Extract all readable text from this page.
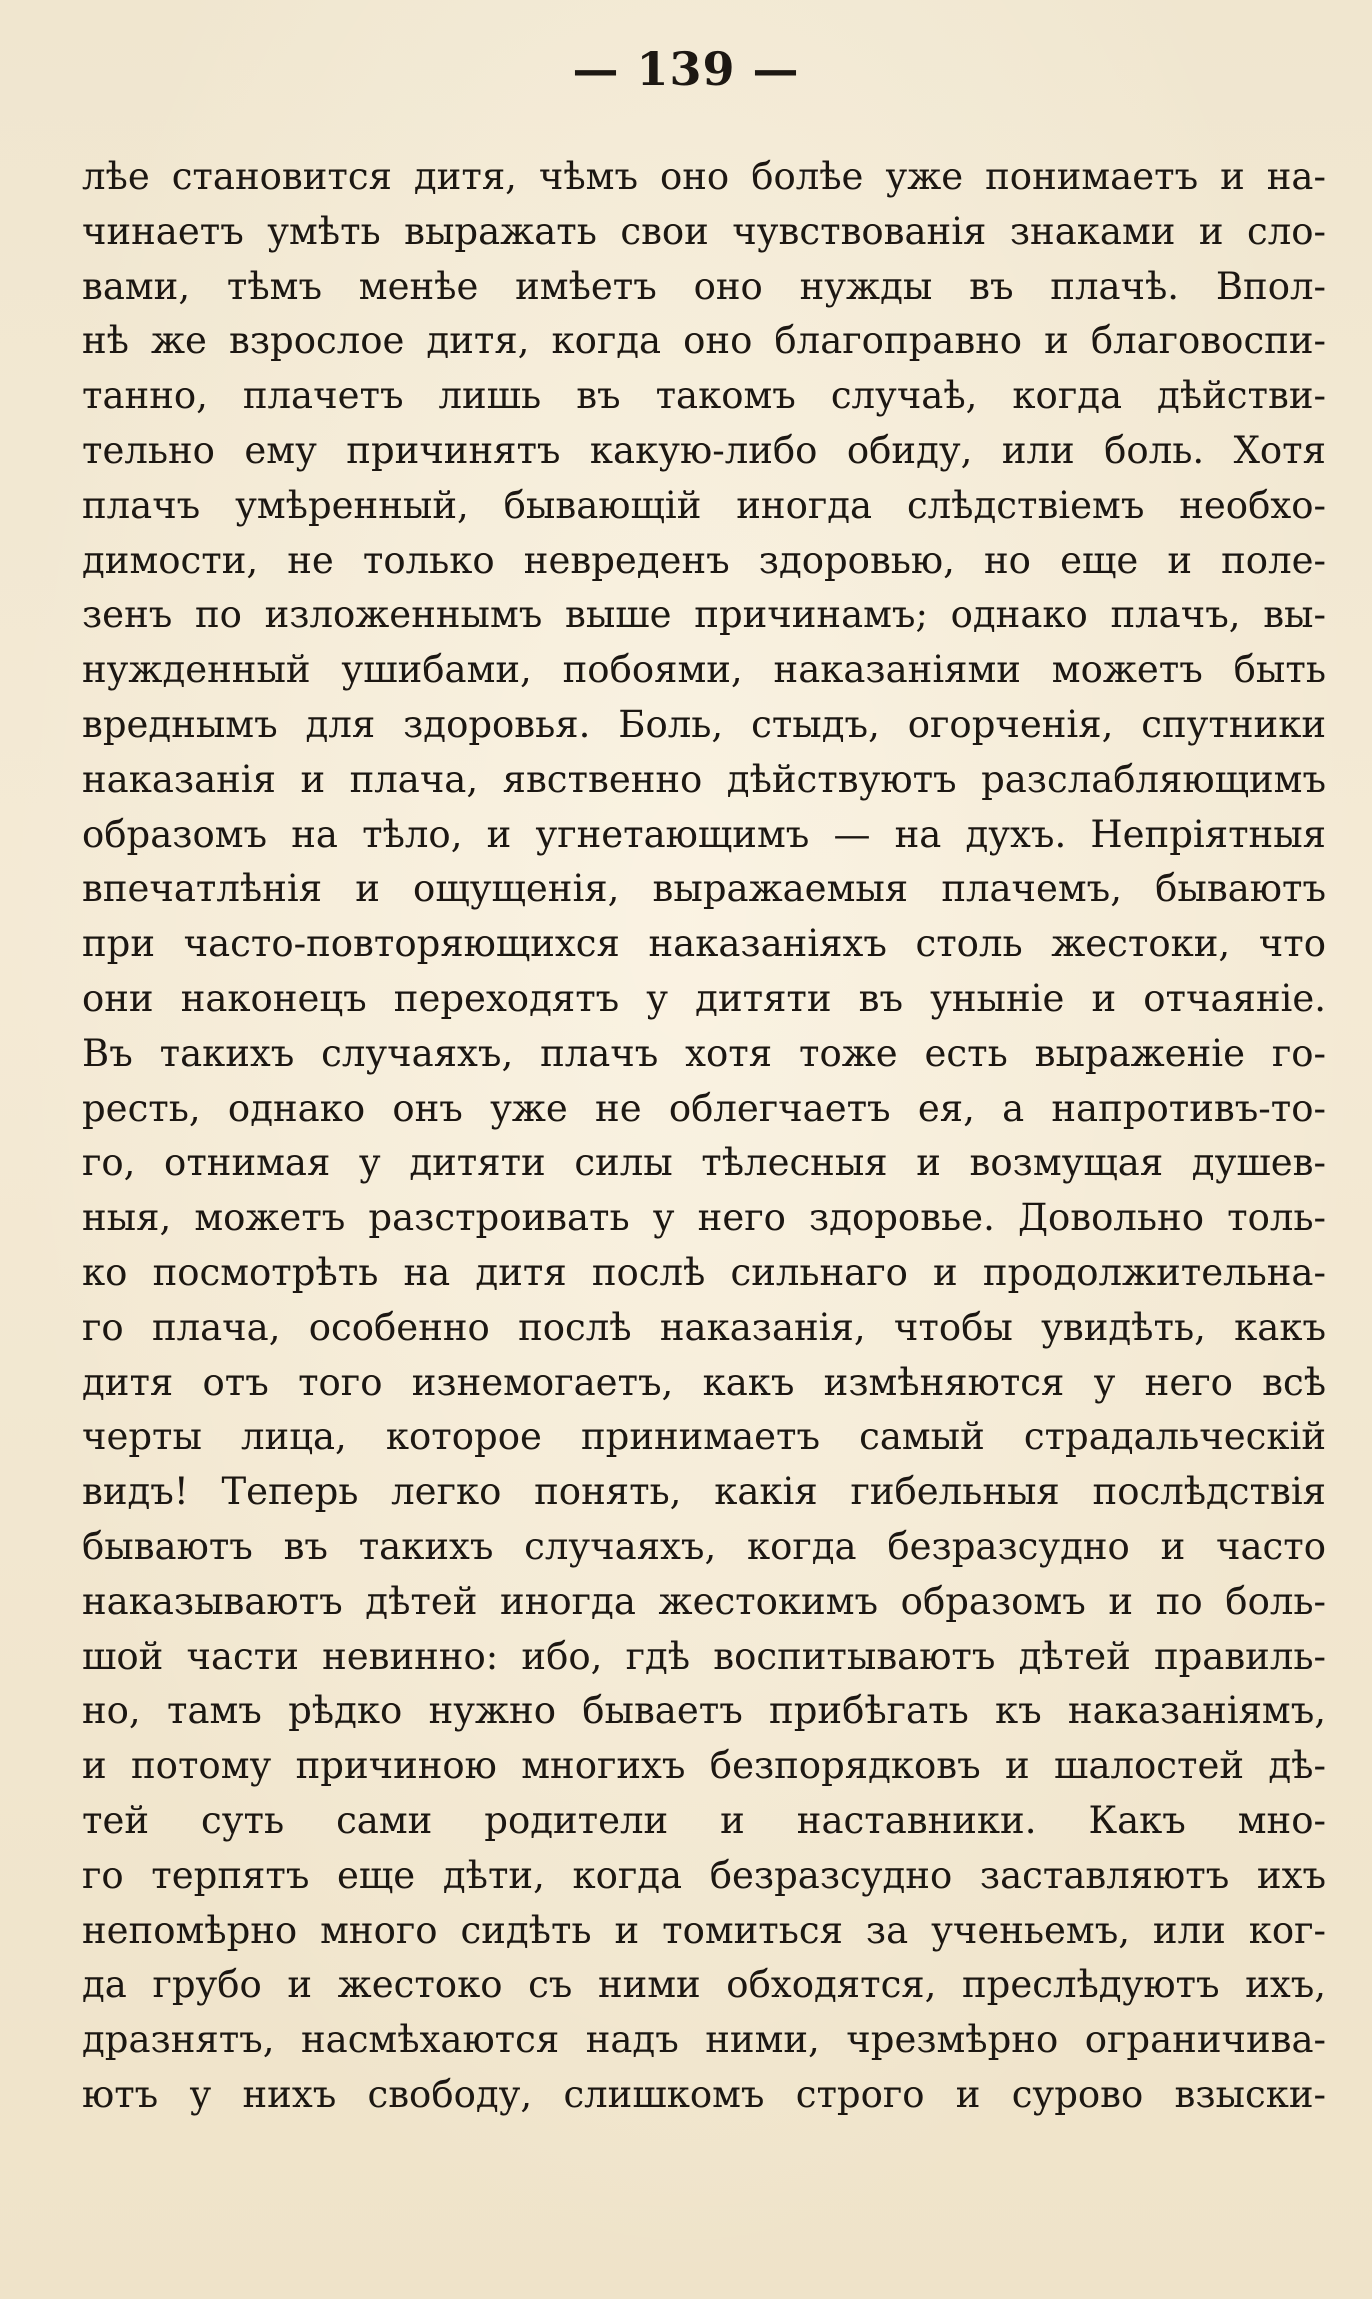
— 139 —
лѣе становится дитя, чѣмъ оно болѣе уже понимаетъ и на-
чинаетъ умѣть выражать свои чувствованія знаками и сло-
вами, тѣмъ менѣе имѣетъ оно нужды въ плачѣ. Впол-
нѣ же взрослое дитя, когда оно благоправно и благовоспи-
танно, плачетъ лишь въ такомъ случаѣ, когда дѣйстви-
тельно ему причинятъ какую-либо обиду, или боль. Хотя
плачъ умѣренный, бывающій иногда слѣдствіемъ необхо-
димости, не только невреденъ здоровью, но еще и поле-
зенъ по изложеннымъ выше причинамъ; однако плачъ, вы-
нужденный ушибами, побоями, наказаніями можетъ быть
вреднымъ для здоровья. Боль, стыдъ, огорченія, спутники
наказанія и плача, явственно дѣйствуютъ разслабляющимъ
образомъ на тѣло, и угнетающимъ — на духъ. Непріятныя
впечатлѣнія и ощущенія, выражаемыя плачемъ, бываютъ
при часто-повторяющихся наказаніяхъ столь жестоки, что
они наконецъ переходятъ у дитяти въ уныніе и отчаяніе.
Въ такихъ случаяхъ, плачъ хотя тоже есть выраженіе го-
ресть, однако онъ уже не облегчаетъ ея, а напротивъ-то-
го, отнимая у дитяти силы тѣлесныя и возмущая душев-
ныя, можетъ разстроивать у него здоровье. Довольно толь-
ко посмотрѣть на дитя послѣ сильнаго и продолжительна-
го плача, особенно послѣ наказанія, чтобы увидѣть, какъ
дитя отъ того изнемогаетъ, какъ измѣняются у него всѣ
черты лица, которое принимаетъ самый страдальческій
видъ! Теперь легко понять, какія гибельныя послѣдствія
бываютъ въ такихъ случаяхъ, когда безразсудно и часто
наказываютъ дѣтей иногда жестокимъ образомъ и по боль-
шой части невинно: ибо, гдѣ воспитываютъ дѣтей правиль-
но, тамъ рѣдко нужно бываетъ прибѣгать къ наказаніямъ,
и потому причиною многихъ безпорядковъ и шалостей дѣ-
тей суть сами родители и наставники. Какъ мно-
го терпятъ еще дѣти, когда безразсудно заставляютъ ихъ
непомѣрно много сидѣть и томиться за ученьемъ, или ког-
да грубо и жестоко съ ними обходятся, преслѣдуютъ ихъ,
дразнятъ, насмѣхаются надъ ними, чрезмѣрно ограничива-
ютъ у нихъ свободу, слишкомъ строго и сурово взыски-
